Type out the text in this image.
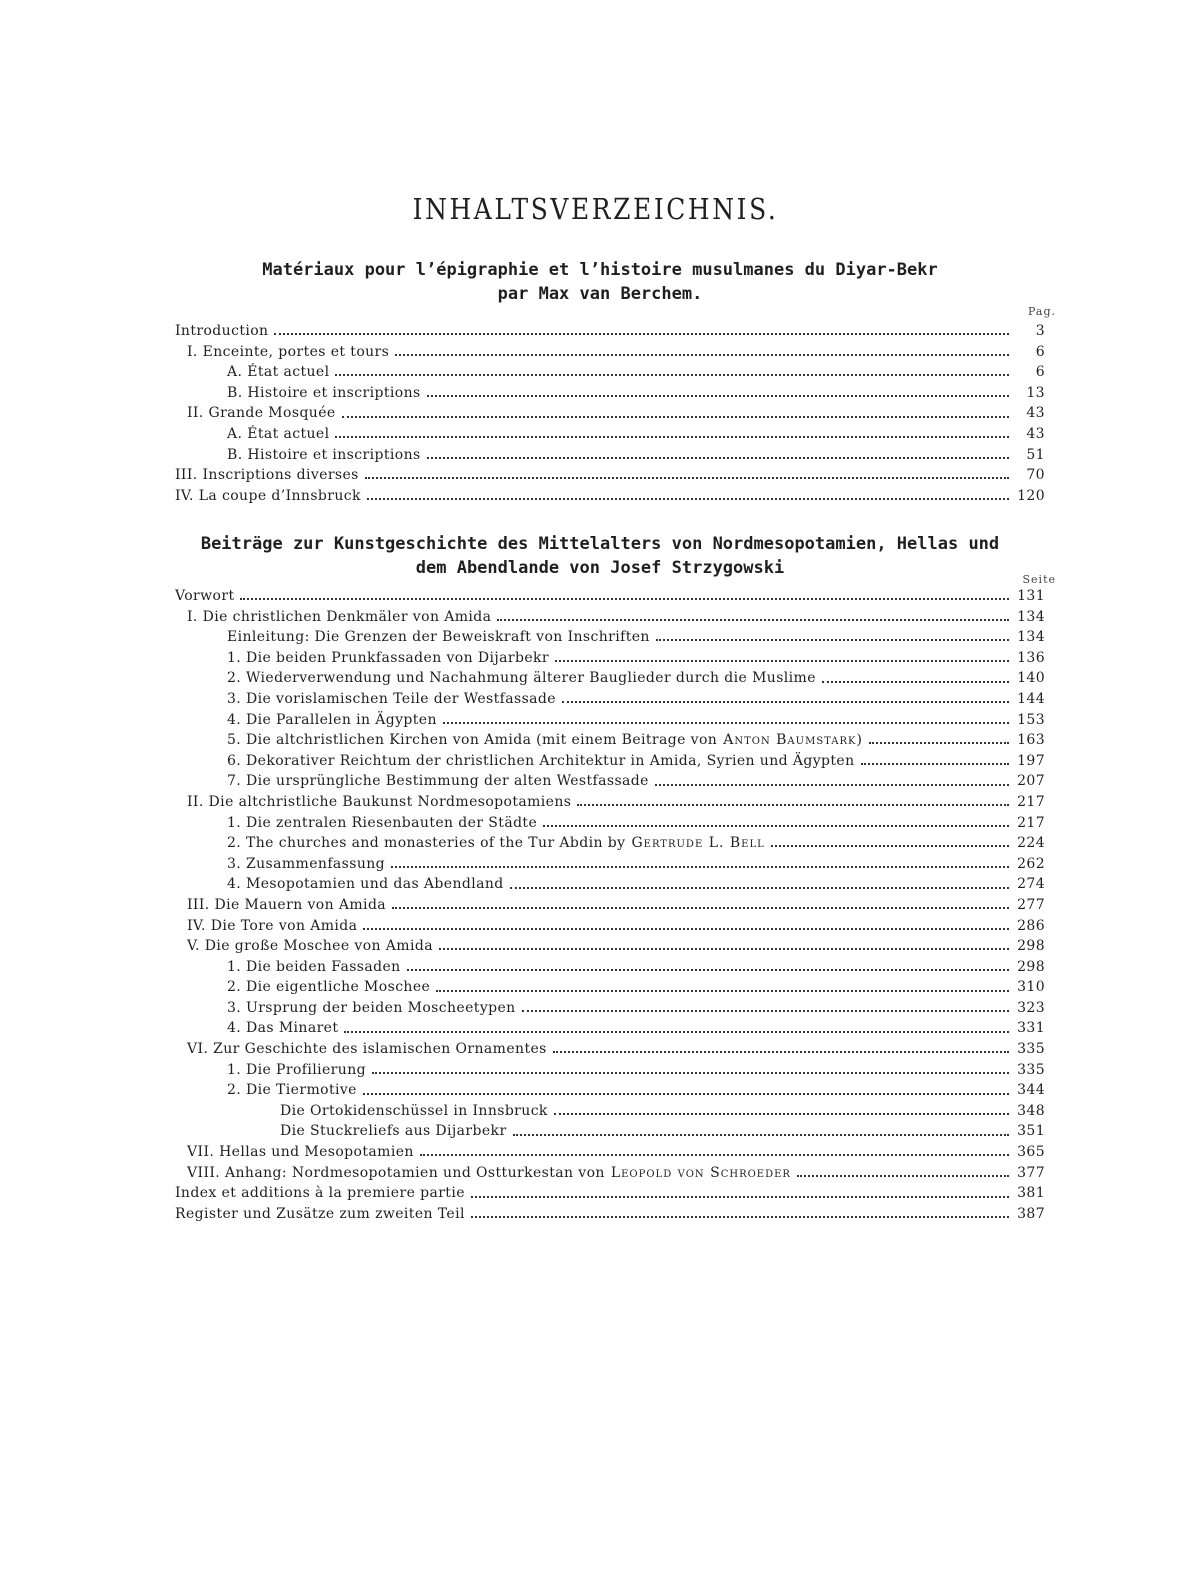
INHALTSVERZEICHNIS.
Matériaux pour l’épigraphie et l’histoire musulmanes du Diyar-Bekr
par Max van Berchem.
Pag.
Introduction	3
I. Enceinte, portes et tours	6
A. État actuel	6
B. Histoire et inscriptions	13
II. Grande Mosquée	43
A. État actuel	43
B. Histoire et inscriptions	51
III. Inscriptions diverses	70
IV. La coupe d’Innsbruck	120
Beiträge zur Kunstgeschichte des Mittelalters von Nordmesopotamien, Hellas und
dem Abendlande von Josef Strzygowski
Seite
Vorwort	131
I. Die christlichen Denkmäler von Amida	134
Einleitung: Die Grenzen der Beweiskraft von Inschriften	134
1. Die beiden Prunkfassaden von Dijarbekr	136
2. Wiederverwendung und Nachahmung älterer Bauglieder durch die Muslime	140
3. Die vorislamischen Teile der Westfassade	144
4. Die Parallelen in Ägypten	153
5. Die altchristlichen Kirchen von Amida (mit einem Beitrage von Anton Baumstark)	163
6. Dekorativer Reichtum der christlichen Architektur in Amida, Syrien und Ägypten	197
7. Die ursprüngliche Bestimmung der alten Westfassade	207
II. Die altchristliche Baukunst Nordmesopotamiens	217
1. Die zentralen Riesenbauten der Städte	217
2. The churches and monasteries of the Tur Abdin by Gertrude L. Bell	224
3. Zusammenfassung	262
4. Mesopotamien und das Abendland	274
III. Die Mauern von Amida	277
IV. Die Tore von Amida	286
V. Die große Moschee von Amida	298
1. Die beiden Fassaden	298
2. Die eigentliche Moschee	310
3. Ursprung der beiden Moscheetypen	323
4. Das Minaret	331
VI. Zur Geschichte des islamischen Ornamentes	335
1. Die Profilierung	335
2. Die Tiermotive	344
Die Ortokidenschüssel in Innsbruck	348
Die Stuckreliefs aus Dijarbekr	351
VII. Hellas und Mesopotamien	365
VIII. Anhang: Nordmesopotamien und Ostturkestan von Leopold von Schroeder	377
Index et additions à la premiere partie	381
Register und Zusätze zum zweiten Teil	387
